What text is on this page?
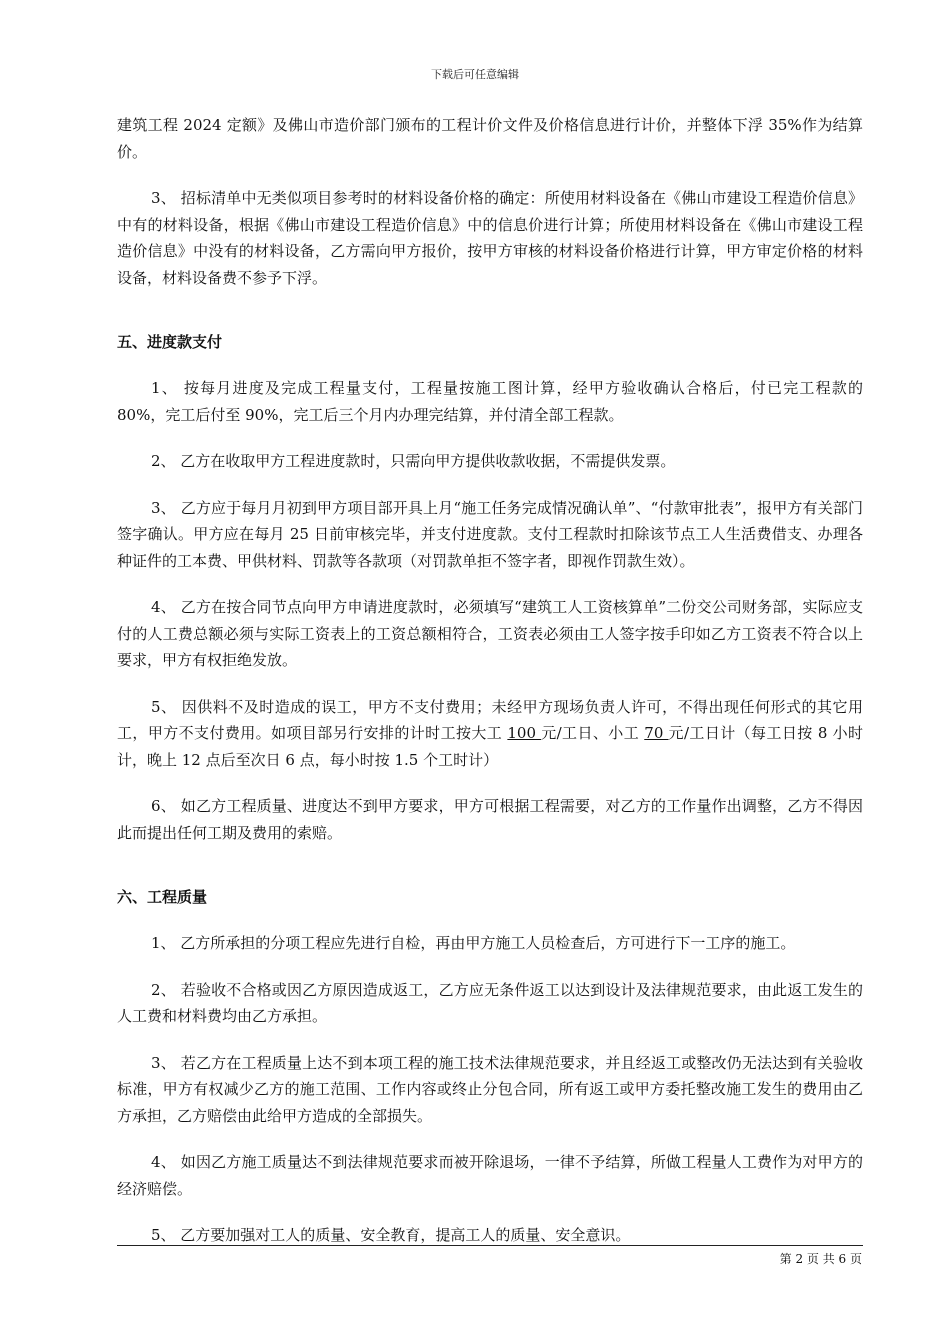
下载后可任意编辑

建筑工程 2024 定额》及佛山市造价部门颁布的工程计价文件及价格信息进行计价，并整体下浮 35%作为结算价。

3、 招标清单中无类似项目参考时的材料设备价格的确定：所使用材料设备在《佛山市建设工程造价信息》中有的材料设备，根据《佛山市建设工程造价信息》中的信息价进行计算；所使用材料设备在《佛山市建设工程造价信息》中没有的材料设备，乙方需向甲方报价，按甲方审核的材料设备价格进行计算，甲方审定价格的材料设备，材料设备费不参予下浮。

五、进度款支付

1、 按每月进度及完成工程量支付，工程量按施工图计算，经甲方验收确认合格后，付已完工程款的 80%，完工后付至 90%，完工后三个月内办理完结算，并付清全部工程款。

2、 乙方在收取甲方工程进度款时，只需向甲方提供收款收据，不需提供发票。

3、 乙方应于每月月初到甲方项目部开具上月“施工任务完成情况确认单”、“付款审批表”，报甲方有关部门签字确认。甲方应在每月 25 日前审核完毕，并支付进度款。支付工程款时扣除该节点工人生活费借支、办理各种证件的工本费、甲供材料、罚款等各款项（对罚款单拒不签字者，即视作罚款生效）。

4、 乙方在按合同节点向甲方申请进度款时，必须填写“建筑工人工资核算单”二份交公司财务部，实际应支付的人工费总额必须与实际工资表上的工资总额相符合，工资表必须由工人签字按手印如乙方工资表不符合以上要求，甲方有权拒绝发放。

5、 因供料不及时造成的误工，甲方不支付费用；未经甲方现场负责人许可，不得出现任何形式的其它用工，甲方不支付费用。如项目部另行安排的计时工按大工 100 元/工日、小工 70 元/工日计（每工日按 8 小时计，晚上 12 点后至次日 6 点，每小时按 1.5 个工时计）

6、 如乙方工程质量、进度达不到甲方要求，甲方可根据工程需要，对乙方的工作量作出调整，乙方不得因此而提出任何工期及费用的索赔。

六、工程质量

1、 乙方所承担的分项工程应先进行自检，再由甲方施工人员检查后，方可进行下一工序的施工。

2、 若验收不合格或因乙方原因造成返工，乙方应无条件返工以达到设计及法律规范要求，由此返工发生的人工费和材料费均由乙方承担。

3、 若乙方在工程质量上达不到本项工程的施工技术法律规范要求，并且经返工或整改仍无法达到有关验收标准，甲方有权减少乙方的施工范围、工作内容或终止分包合同，所有返工或甲方委托整改施工发生的费用由乙方承担，乙方赔偿由此给甲方造成的全部损失。

4、 如因乙方施工质量达不到法律规范要求而被开除退场，一律不予结算，所做工程量人工费作为对甲方的经济赔偿。

5、 乙方要加强对工人的质量、安全教育，提高工人的质量、安全意识。

第 2 页 共 6 页
